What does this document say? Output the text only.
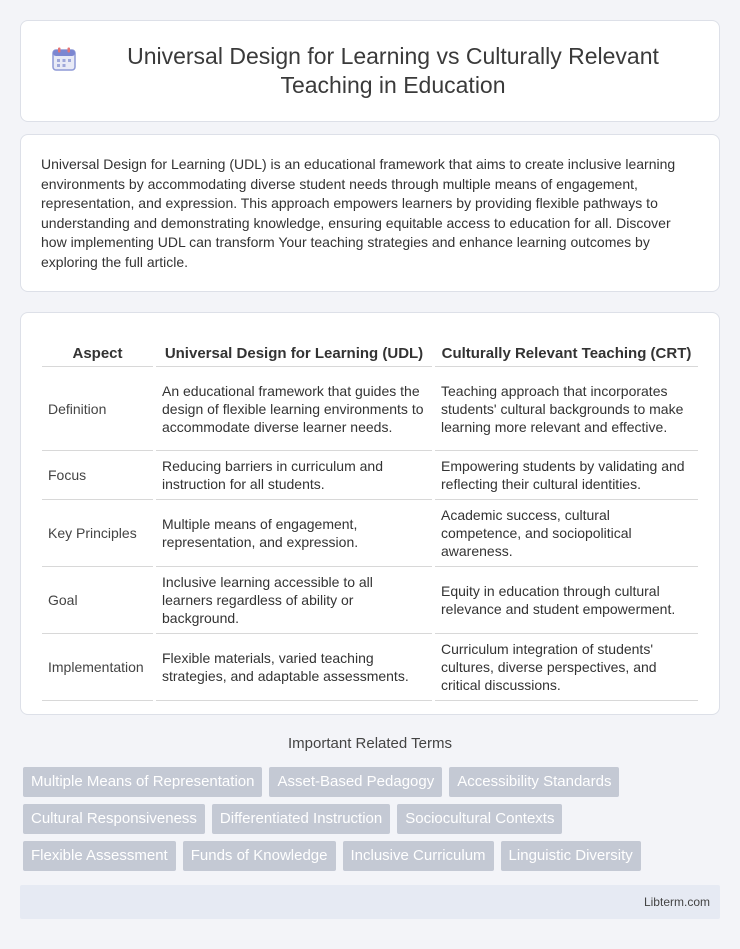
Universal Design for Learning vs Culturally Relevant Teaching in Education

Universal Design for Learning (UDL) is an educational framework that aims to create inclusive learning environments by accommodating diverse student needs through multiple means of engagement, representation, and expression. This approach empowers learners by providing flexible pathways to understanding and demonstrating knowledge, ensuring equitable access to education for all. Discover how implementing UDL can transform Your teaching strategies and enhance learning outcomes by exploring the full article.

Aspect	Universal Design for Learning (UDL)	Culturally Relevant Teaching (CRT)
Definition	An educational framework that guides the design of flexible learning environments to accommodate diverse learner needs.	Teaching approach that incorporates students' cultural backgrounds to make learning more relevant and effective.
Focus	Reducing barriers in curriculum and instruction for all students.	Empowering students by validating and reflecting their cultural identities.
Key Principles	Multiple means of engagement, representation, and expression.	Academic success, cultural competence, and sociopolitical awareness.
Goal	Inclusive learning accessible to all learners regardless of ability or background.	Equity in education through cultural relevance and student empowerment.
Implementation	Flexible materials, varied teaching strategies, and adaptable assessments.	Curriculum integration of students' cultures, diverse perspectives, and critical discussions.
Important Related Terms
Multiple Means of Representation	Asset-Based Pedagogy	Accessibility Standards
Cultural Responsiveness	Differentiated Instruction	Sociocultural Contexts
Flexible Assessment	Funds of Knowledge	Inclusive Curriculum	Linguistic Diversity
Libterm.com
